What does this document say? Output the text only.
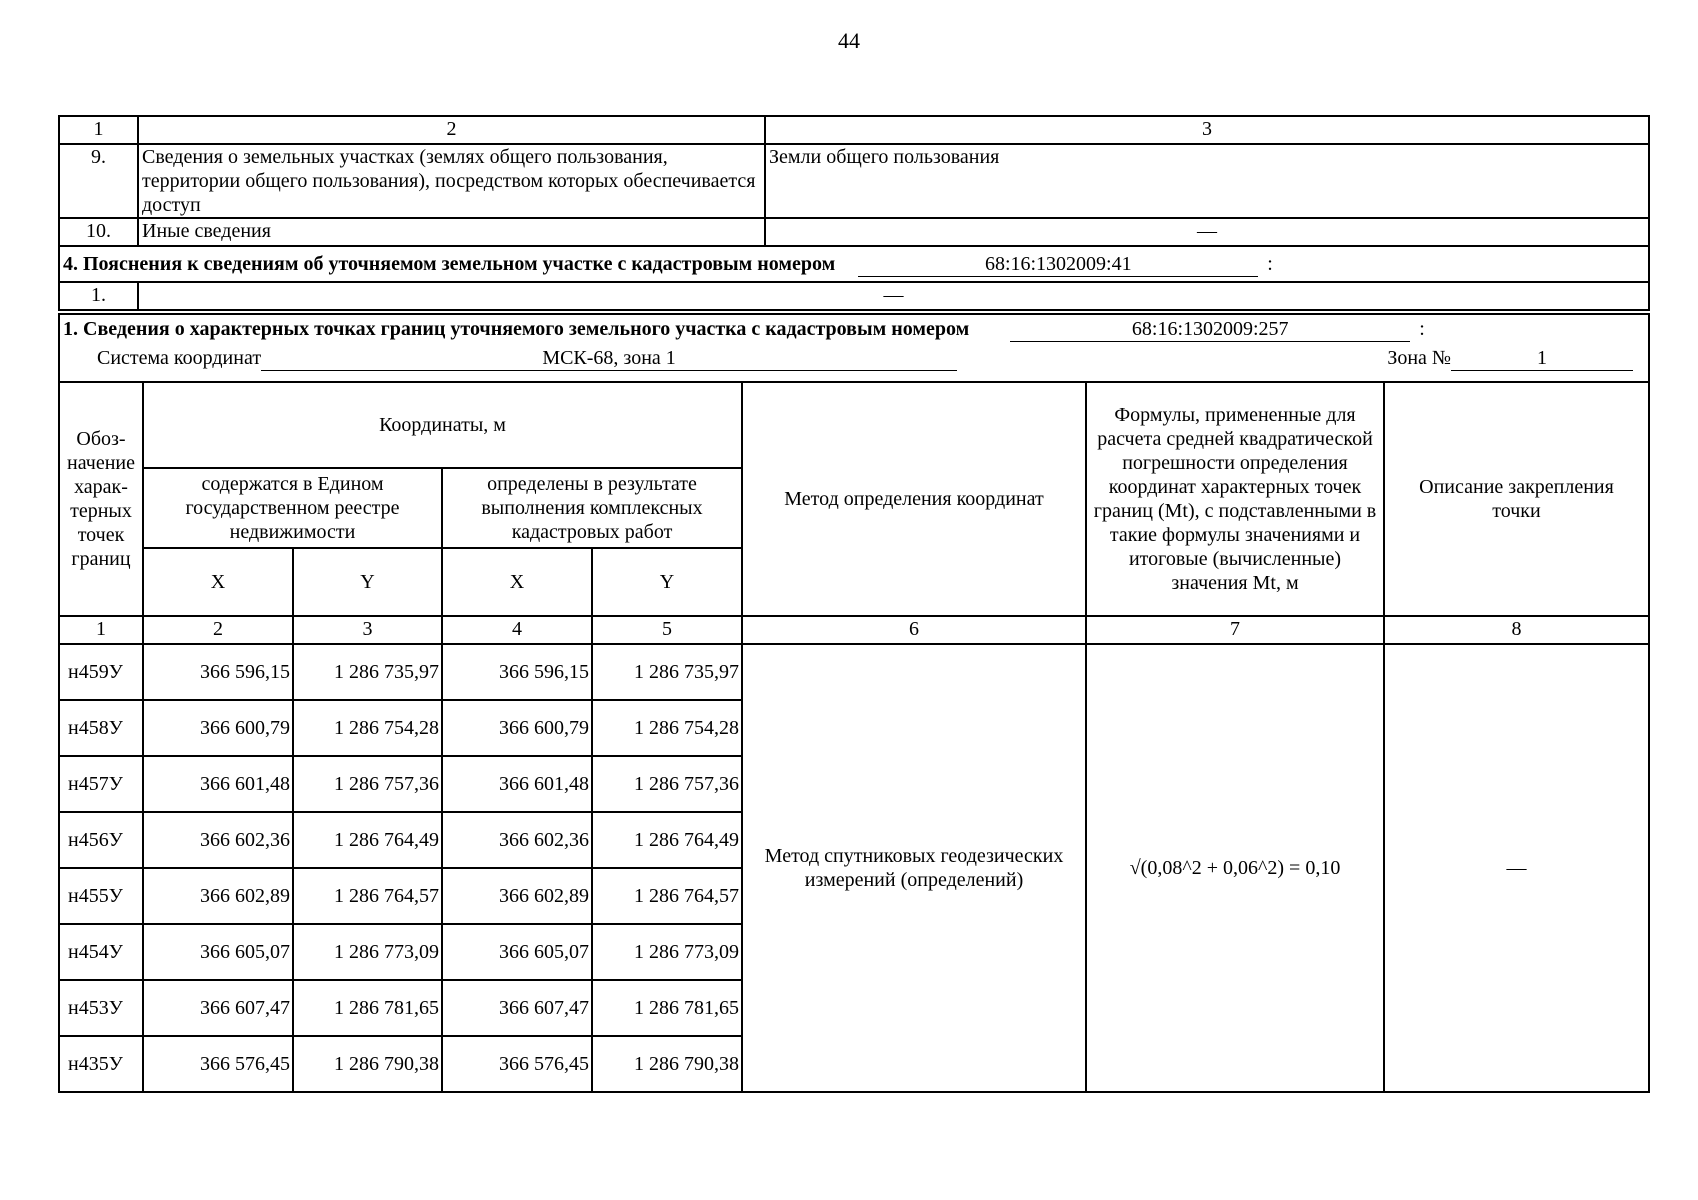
44
1	2	3
9.	Сведения о земельных участках (землях общего пользования, территории общего пользования), посредством которых обеспечивается доступ	Земли общего пользования
10.	Иные сведения	—
4. Пояснения к сведениям об уточняемом земельном участке с кадастровым номером 68:16:1302009:41 :		
1.	—	
1. Сведения о характерных точках границ уточняемого земельного участка с кадастровым номером 68:16:1302009:257 :
Система координат МСК-68, зона 1 Зона № 1							

Обоз-начение харак-терных точек границ	Координаты, м				Метод определения координат	Формулы, примененные для расчета средней квадратической погрешности определения координат характерных точек границ (Mt), с подставленными в такие формулы значениями и итоговые (вычисленные) значения Mt, м	Описание закрепления точки
	содержатся в Едином государственном реестре недвижимости		определены в результате выполнения комплексных кадастровых работ				
	X	Y	X	Y			
1	2	3	4	5	6	7	8
н459У	366 596,15	1 286 735,97	366 596,15	1 286 735,97	Метод спутниковых геодезических измерений (определений)	√(0,08^2 + 0,06^2) = 0,10	—
н458У	366 600,79	1 286 754,28	366 600,79	1 286 754,28			
н457У	366 601,48	1 286 757,36	366 601,48	1 286 757,36			
н456У	366 602,36	1 286 764,49	366 602,36	1 286 764,49			
н455У	366 602,89	1 286 764,57	366 602,89	1 286 764,57			
н454У	366 605,07	1 286 773,09	366 605,07	1 286 773,09			
н453У	366 607,47	1 286 781,65	366 607,47	1 286 781,65			
н435У	366 576,45	1 286 790,38	366 576,45	1 286 790,38			
